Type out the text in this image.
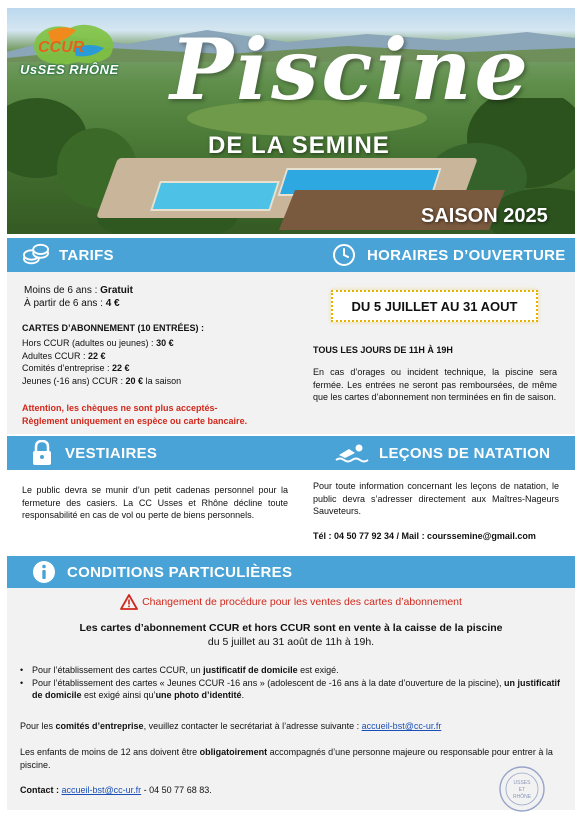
CCUR
UsSES RHÔNE Piscine
DE LA SEMINE
SAISON 2025
TARIFS	HORAIRES D’OUVERTURE
Moins de 6 ans : Gratuit
À partir de 6 ans : 4 €
CARTES D’ABONNEMENT (10 ENTRÉES) :
Hors CCUR (adultes ou jeunes) : 30 €
Adultes CCUR : 22 €
Comités d’entreprise : 22 €
Jeunes (-16 ans) CCUR : 20 € la saison
Attention, les chèques ne sont plus acceptés-
Règlement uniquement en espèce ou carte bancaire.
DU 5 JUILLET AU 31 AOUT
TOUS LES JOURS DE 11H À 19H
En cas d’orages ou incident technique, la piscine sera fermée. Les entrées ne seront pas remboursées, de même que les cartes d’abonnement non terminées en fin de saison.
VESTIAIRES	LEÇONS DE NATATION
Le public devra se munir d’un petit cadenas personnel pour la fermeture des casiers. La CC Usses et Rhône décline toute responsabilité en cas de vol ou perte de biens personnels.
Pour toute information concernant les leçons de natation, le public devra s’adresser directement aux Maîtres-Nageurs Sauveteurs.
Tél : 04 50 77 92 34 / Mail : courssemine@gmail.com
CONDITIONS PARTICULIÈRES
Changement de procédure pour les ventes des cartes d’abonnement
Les cartes d’abonnement CCUR et hors CCUR sont en vente à la caisse de la piscine
du 5 juillet au 31 août de 11h à 19h.
• Pour l’établissement des cartes CCUR, un justificatif de domicile est exigé.
• Pour l’établissement des cartes « Jeunes CCUR -16 ans » (adolescent de -16 ans à la date d’ouverture de la piscine), un justificatif de domicile est exigé ainsi qu’une photo d’identité.
Pour les comités d’entreprise, veuillez contacter le secrétariat à l’adresse suivante : accueil-bst@cc-ur.fr
Les enfants de moins de 12 ans doivent être obligatoirement accompagnés d’une personne majeure ou responsable pour entrer à la piscine.
Contact : accueil-bst@cc-ur.fr - 04 50 77 68 83.
USSES
ET
RHÔNE
